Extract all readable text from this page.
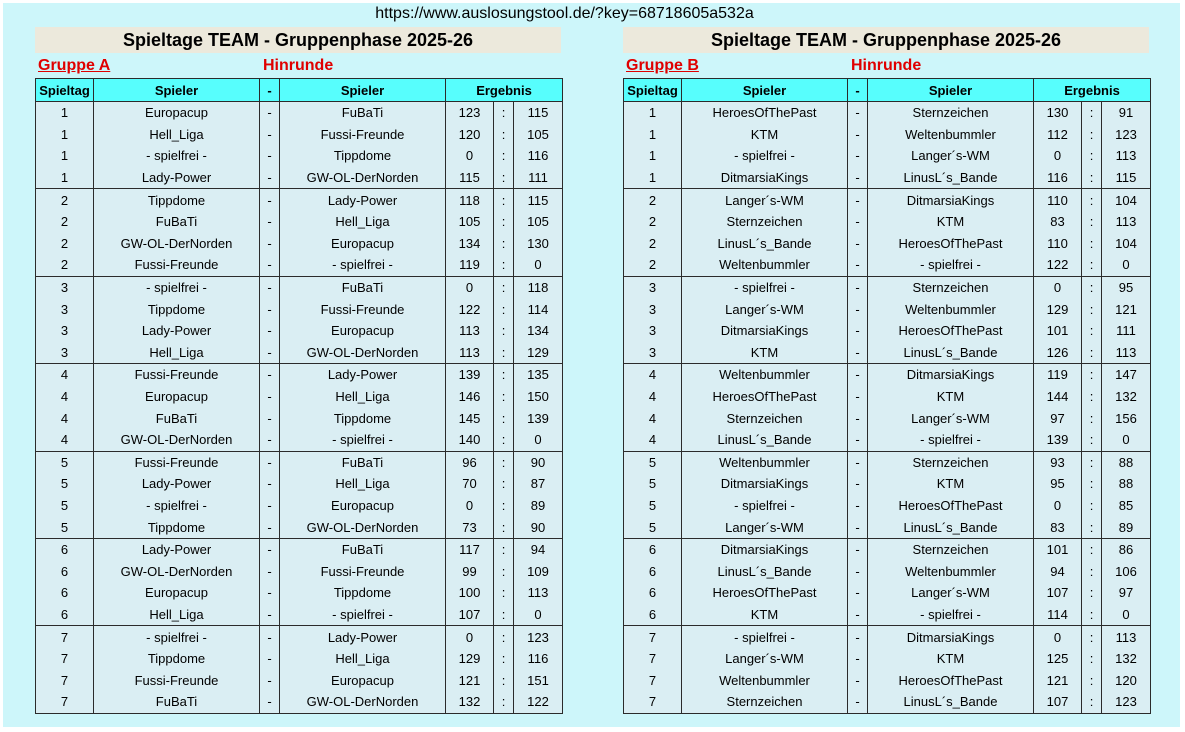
https://www.auslosungstool.de/?key=68718605a532a
Spieltage TEAM - Gruppenphase 2025-26
Gruppe A	Hinrunde
Spieltag	Spieler	-	Spieler	Ergebnis		
1	Europacup	-	FuBaTi	123	:	115
1	Hell_Liga	-	Fussi-Freunde	120	:	105
1	- spielfrei -	-	Tippdome	0	:	116
1	Lady-Power	-	GW-OL-DerNorden	115	:	111
2	Tippdome	-	Lady-Power	118	:	115
2	FuBaTi	-	Hell_Liga	105	:	105
2	GW-OL-DerNorden	-	Europacup	134	:	130
2	Fussi-Freunde	-	- spielfrei -	119	:	0
3	- spielfrei -	-	FuBaTi	0	:	118
3	Tippdome	-	Fussi-Freunde	122	:	114
3	Lady-Power	-	Europacup	113	:	134
3	Hell_Liga	-	GW-OL-DerNorden	113	:	129
4	Fussi-Freunde	-	Lady-Power	139	:	135
4	Europacup	-	Hell_Liga	146	:	150
4	FuBaTi	-	Tippdome	145	:	139
4	GW-OL-DerNorden	-	- spielfrei -	140	:	0
5	Fussi-Freunde	-	FuBaTi	96	:	90
5	Lady-Power	-	Hell_Liga	70	:	87
5	- spielfrei -	-	Europacup	0	:	89
5	Tippdome	-	GW-OL-DerNorden	73	:	90
6	Lady-Power	-	FuBaTi	117	:	94
6	GW-OL-DerNorden	-	Fussi-Freunde	99	:	109
6	Europacup	-	Tippdome	100	:	113
6	Hell_Liga	-	- spielfrei -	107	:	0
7	- spielfrei -	-	Lady-Power	0	:	123
7	Tippdome	-	Hell_Liga	129	:	116
7	Fussi-Freunde	-	Europacup	121	:	151
7	FuBaTi	-	GW-OL-DerNorden	132	:	122
Spieltage TEAM - Gruppenphase 2025-26
Gruppe B	Hinrunde
Spieltag	Spieler	-	Spieler	Ergebnis		
1	HeroesOfThePast	-	Sternzeichen	130	:	91
1	KTM	-	Weltenbummler	112	:	123
1	- spielfrei -	-	Langer´s-WM	0	:	113
1	DitmarsiaKings	-	LinusL´s_Bande	116	:	115
2	Langer´s-WM	-	DitmarsiaKings	110	:	104
2	Sternzeichen	-	KTM	83	:	113
2	LinusL´s_Bande	-	HeroesOfThePast	110	:	104
2	Weltenbummler	-	- spielfrei -	122	:	0
3	- spielfrei -	-	Sternzeichen	0	:	95
3	Langer´s-WM	-	Weltenbummler	129	:	121
3	DitmarsiaKings	-	HeroesOfThePast	101	:	111
3	KTM	-	LinusL´s_Bande	126	:	113
4	Weltenbummler	-	DitmarsiaKings	119	:	147
4	HeroesOfThePast	-	KTM	144	:	132
4	Sternzeichen	-	Langer´s-WM	97	:	156
4	LinusL´s_Bande	-	- spielfrei -	139	:	0
5	Weltenbummler	-	Sternzeichen	93	:	88
5	DitmarsiaKings	-	KTM	95	:	88
5	- spielfrei -	-	HeroesOfThePast	0	:	85
5	Langer´s-WM	-	LinusL´s_Bande	83	:	89
6	DitmarsiaKings	-	Sternzeichen	101	:	86
6	LinusL´s_Bande	-	Weltenbummler	94	:	106
6	HeroesOfThePast	-	Langer´s-WM	107	:	97
6	KTM	-	- spielfrei -	114	:	0
7	- spielfrei -	-	DitmarsiaKings	0	:	113
7	Langer´s-WM	-	KTM	125	:	132
7	Weltenbummler	-	HeroesOfThePast	121	:	120
7	Sternzeichen	-	LinusL´s_Bande	107	:	123
